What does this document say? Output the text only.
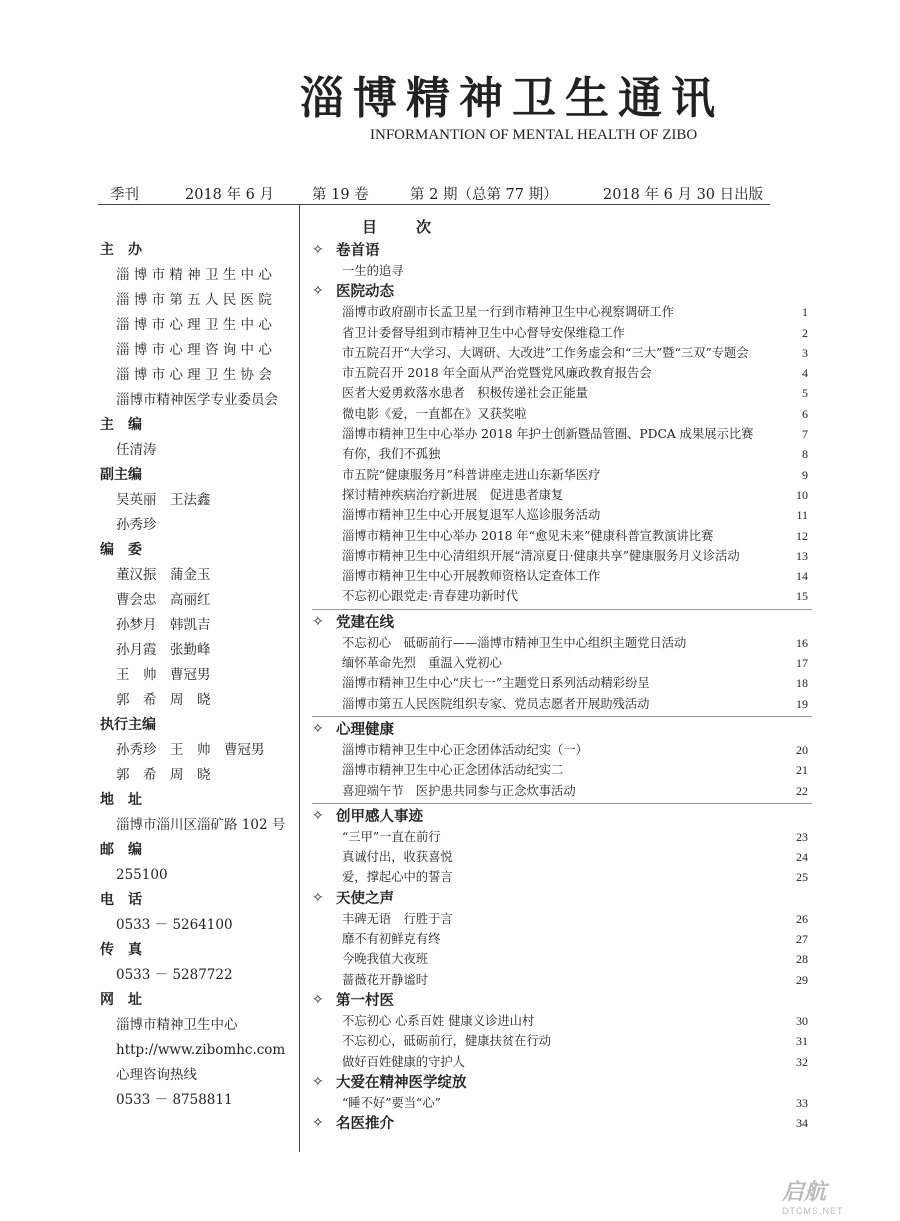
淄博精神卫生通讯
INFORMANTION OF MENTAL HEALTH OF ZIBO
季刊	2018 年 6 月	第 19 卷	第 2 期（总第 77 期）	2018 年 6 月 30 日出版
主　办
淄 博 市 精 神 卫 生 中 心
淄 博 市 第 五 人 民 医 院
淄 博 市 心 理 卫 生 中 心
淄 博 市 心 理 咨 询 中 心
淄 博 市 心 理 卫 生 协 会
淄博市精神医学专业委员会
主　编
任清涛
副主编
吴英丽　王法鑫
孙秀珍
编　委
董汉振　蒲金玉
曹会忠　高丽红
孙梦月　韩凯吉
孙月霞　张勤峰
王　帅　曹冠男
郭　希　周　晓
执行主编
孙秀珍　王　帅　曹冠男
郭　希　周　晓
地　址
淄博市淄川区淄矿路 102 号
邮　编
255100
电　话
0533 － 5264100
传　真
0533 － 5287722
网　址
淄博市精神卫生中心
http://www.zibomhc.com
心理咨询热线
0533 － 8758811
目　次
✧ 卷首语
一生的追寻
✧ 医院动态
淄博市政府副市长孟卫星一行到市精神卫生中心视察调研工作	1
省卫计委督导组到市精神卫生中心督导安保维稳工作	2
市五院召开“大学习、大调研、大改进”工作务虚会和“三大”暨“三双”专题会	3
市五院召开 2018 年全面从严治党暨党风廉政教育报告会	4
医者大爱勇救落水患者　积极传递社会正能量	5
微电影《爱，一直都在》又获奖啦	6
淄博市精神卫生中心举办 2018 年护士创新暨品管圈、PDCA 成果展示比赛	7
有你，我们不孤独	8
市五院“健康服务月”科普讲座走进山东新华医疗	9
探讨精神疾病治疗新进展　促进患者康复	10
淄博市精神卫生中心开展复退军人巡诊服务活动	11
淄博市精神卫生中心举办 2018 年“愈见未来”健康科普宣教演讲比赛	12
淄博市精神卫生中心清组织开展“清凉夏日·健康共享”健康服务月义诊活动	13
淄博市精神卫生中心开展教师资格认定查体工作	14
不忘初心跟党走·青春建功新时代	15
✧ 党建在线
不忘初心　砥砺前行——淄博市精神卫生中心组织主题党日活动	16
缅怀革命先烈　重温入党初心	17
淄博市精神卫生中心“庆七一”主题党日系列活动精彩纷呈	18
淄博市第五人民医院组织专家、党员志愿者开展助残活动	19
✧ 心理健康
淄博市精神卫生中心正念团体活动纪实（一）	20
淄博市精神卫生中心正念团体活动纪实二	21
喜迎端午节　医护患共同参与正念炊事活动	22
✧ 创甲感人事迹
“三甲”一直在前行	23
真诚付出，收获喜悦	24
爱，撑起心中的誓言	25
✧ 天使之声
丰碑无语　行胜于言	26
靡不有初鲜克有终	27
今晚我值大夜班	28
蔷薇花开静谧时	29
✧ 第一村医
不忘初心 心系百姓 健康义诊进山村	30
不忘初心，砥砺前行，健康扶贫在行动	31
做好百姓健康的守护人	32
✧ 大爱在精神医学绽放
“睡不好”要当“心”	33
✧ 名医推介	34
启航
DTCMS.NET
